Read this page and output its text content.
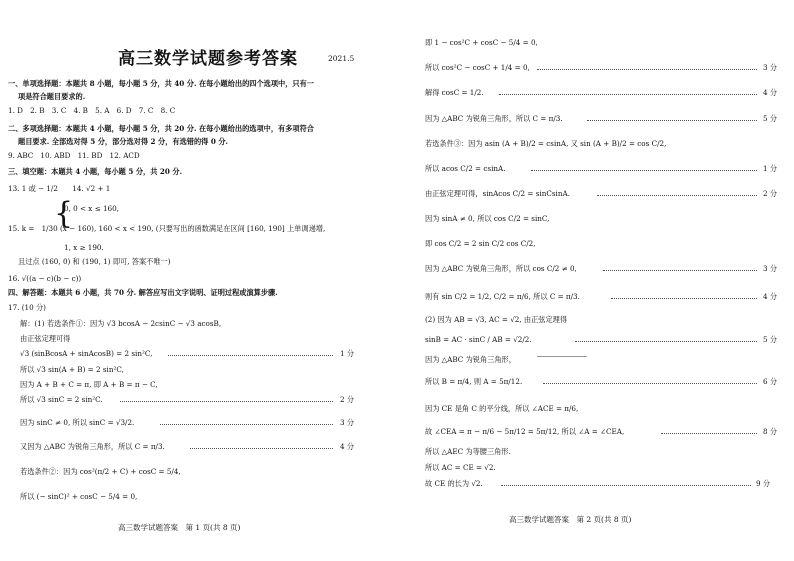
高三数学试题参考答案	2021.5
一、单项选择题：本题共 8 小题，每小题 5 分，共 40 分. 在每小题给出的四个选项中，只有一
项是符合题目要求的.
1. D　2. B　3. C　4. B　5. A　6. D　7. C　8. C
二、多项选择题：本题共 4 小题，每小题 5 分，共 20 分. 在每小题给出的选项中，有多项符合
题目要求. 全部选对得 5 分，部分选对得 2 分，有选错的得 0 分.
9. ABC　10. ABD　11. BD　12. ACD
三、填空题：本题共 4 小题，每小题 5 分，共 20 分.
13. 1 或 − 1/2　　14. √2 + 1
{
0, 0 < x ≤ 160,
15. k =　1/30 (x − 160), 160 < x < 190, (只要写出的函数满足在区间 [160, 190] 上单调递增,
1, x ≥ 190.
且过点 (160, 0) 和 (190, 1) 即可, 答案不唯一)
16. √((a − c)(b − c))
四、解答题：本题共 6 小题，共 70 分. 解答应写出文字说明、证明过程或演算步骤.
17. (10 分)
解：(1) 若选条件①：因为 √3 bcosA − 2csinC − √3 acosB,
由正弦定理可得
√3 (sinBcosA + sinAcosB) = 2 sin²C,	1 分
所以 √3 sin(A + B) = 2 sin²C,
因为 A + B + C = π, 即 A + B = π − C,
所以 √3 sinC = 2 sin²C.	2 分
因为 sinC ≠ 0, 所以 sinC = √3/2.	3 分
又因为 △ABC 为锐角三角形，所以 C = π/3.	4 分
若选条件②：因为 cos²(π/2 + C) + cosC = 5/4,
所以 (− sinC)² + cosC − 5/4 = 0,
高三数学试题答案　第 1 页(共 8 页)
即 1 − cos²C + cosC − 5/4 = 0,
所以 cos²C − cosC + 1/4 = 0,	3 分
解得 cosC = 1/2.	4 分
因为 △ABC 为锐角三角形，所以 C = π/3.	5 分
若选条件③：因为 asin (A + B)/2 = csinA, 又 sin (A + B)/2 = cos C/2,
所以 acos C/2 = csinA.	1 分
由正弦定理可得，sinAcos C/2 = sinCsinA.	2 分
因为 sinA ≠ 0, 所以 cos C/2 = sinC,
即 cos C/2 = 2 sin C/2 cos C/2,
因为 △ABC 为锐角三角形，所以 cos C/2 ≠ 0,	3 分
则有 sin C/2 = 1/2, C/2 = π/6, 所以 C = π/3.	4 分
(2) 因为 AB = √3, AC = √2, 由正弦定理得
sinB = AC · sinC / AB = √2/2.	5 分
因为 △ABC 为锐角三角形，
所以 B = π/4, 则 A = 5π/12.	6 分
因为 CE 是角 C 的平分线，所以 ∠ACE = π/6,
故 ∠CEA = π − π/6 − 5π/12 = 5π/12, 所以 ∠A = ∠CEA,	8 分
所以 △AEC 为等腰三角形.
所以 AC = CE = √2.
故 CE 的长为 √2.	9 分
高三数学试题答案　第 2 页(共 8 页)
